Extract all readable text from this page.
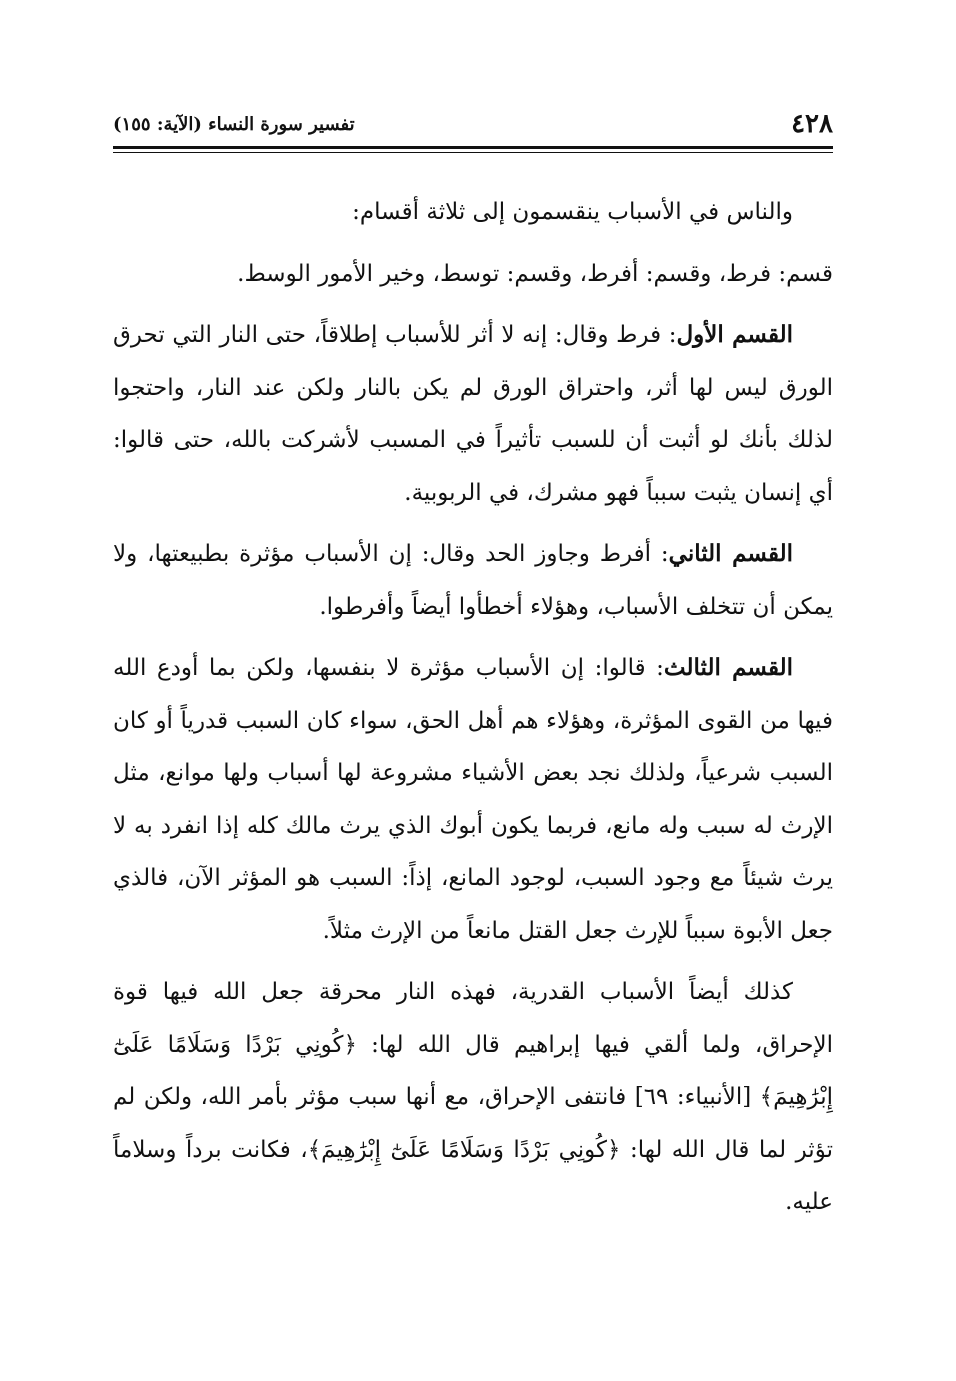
٤٢٨
تفسير سورة النساء (الآية: ١٥٥)

والناس في الأسباب ينقسمون إلى ثلاثة أقسام:

قسم: فرط، وقسم: أفرط، وقسم: توسط، وخير الأمور الوسط.

القسم الأول: فرط وقال: إنه لا أثر للأسباب إطلاقاً، حتى النار التي تحرق الورق ليس لها أثر، واحتراق الورق لم يكن بالنار ولكن عند النار، واحتجوا لذلك بأنك لو أثبت أن للسبب تأثيراً في المسبب لأشركت بالله، حتى قالوا: أي إنسان يثبت سبباً فهو مشرك، في الربوبية.

القسم الثاني: أفرط وجاوز الحد وقال: إن الأسباب مؤثرة بطبيعتها، ولا يمكن أن تتخلف الأسباب، وهؤلاء أخطأوا أيضاً وأفرطوا.

القسم الثالث: قالوا: إن الأسباب مؤثرة لا بنفسها، ولكن بما أودع الله فيها من القوى المؤثرة، وهؤلاء هم أهل الحق، سواء كان السبب قدرياً أو كان السبب شرعياً، ولذلك نجد بعض الأشياء مشروعة لها أسباب ولها موانع، مثل الإرث له سبب وله مانع، فربما يكون أبوك الذي يرث مالك كله إذا انفرد به لا يرث شيئاً مع وجود السبب، لوجود المانع، إذاً: السبب هو المؤثر الآن، فالذي جعل الأبوة سبباً للإرث جعل القتل مانعاً من الإرث مثلاً.

كذلك أيضاً الأسباب القدرية، فهذه النار محرقة جعل الله فيها قوة الإحراق، ولما ألقي فيها إبراهيم قال الله لها: ﴿كُونِي بَرْدًا وَسَلَامًا عَلَىٰٓ إِبْرَٰهِيمَ﴾ [الأنبياء: ٦٩] فانتفى الإحراق، مع أنها سبب مؤثر بأمر الله، ولكن لم تؤثر لما قال الله لها: ﴿كُونِي بَرْدًا وَسَلَامًا عَلَىٰٓ إِبْرَٰهِيمَ﴾، فكانت برداً وسلاماً عليه.
